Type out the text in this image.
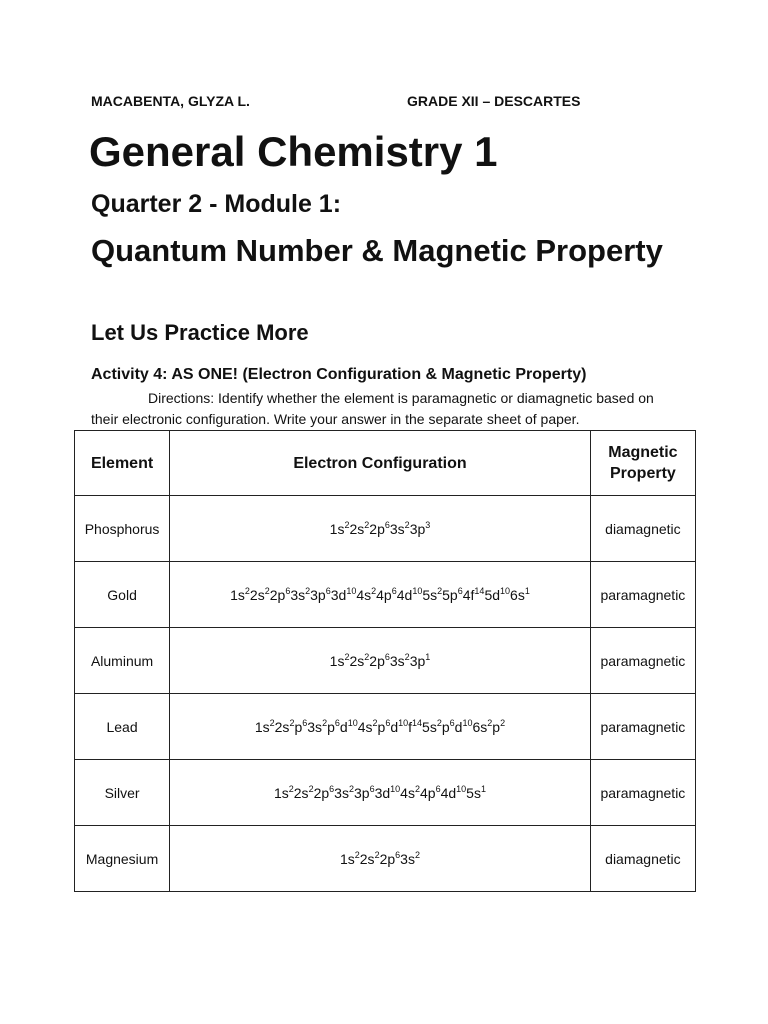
MACABENTA, GLYZA L.	GRADE XII – DESCARTES
General Chemistry 1
Quarter 2 - Module 1:
Quantum Number & Magnetic Property
Let Us Practice More
Activity 4: AS ONE! (Electron Configuration & Magnetic Property)
Directions: Identify whether the element is paramagnetic or diamagnetic based on their electronic configuration. Write your answer in the separate sheet of paper.
Element	Electron Configuration	Magnetic Property
Phosphorus	$1s^22s^22p^63s^23p^3$	diamagnetic
Gold	$1s^22s^22p^63s^23p^63d^{10}4s^24p^64d^{10}5s^25p^64f^{14}5d^{10}6s^1$	paramagnetic
Aluminum	$1s^22s^22p^63s^23p^1$	paramagnetic
Lead	$1s^22s^2p^63s^2p^6d^{10}4s^2p^6d^{10}f^{14}5s^2p^6d^{10}6s^2p^2$	paramagnetic
Silver	$1s^22s^22p^63s^23p^63d^{10}4s^24p^64d^{10}5s^1$	paramagnetic
Magnesium	$1s^22s^22p^63s^2$	diamagnetic
